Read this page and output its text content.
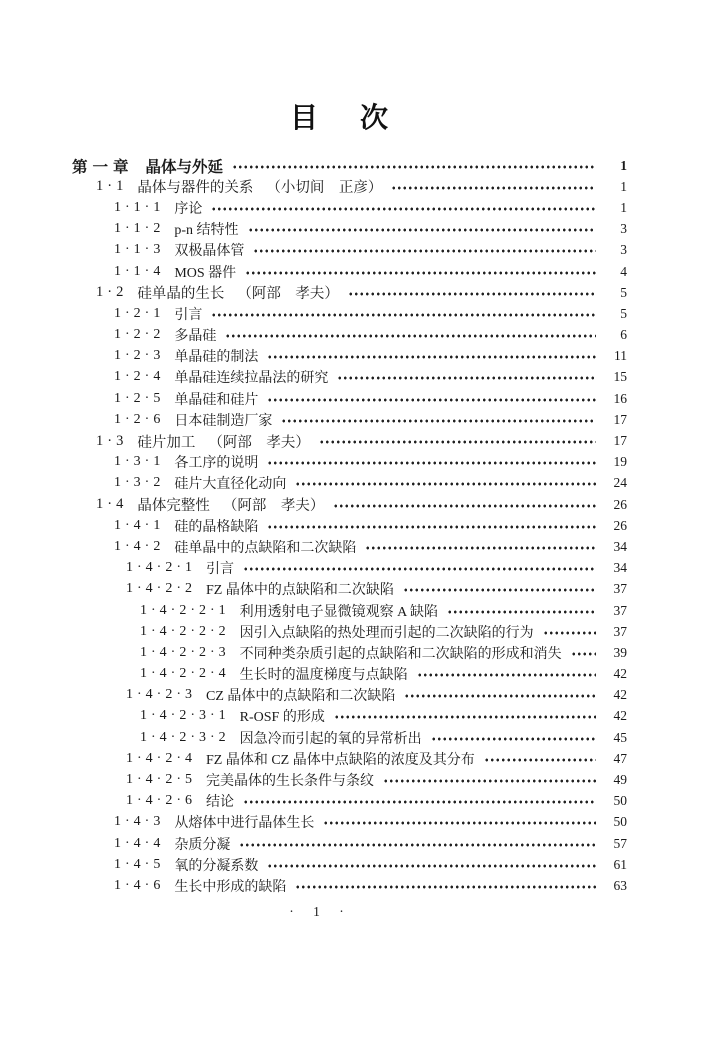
目　次
第一章 晶体与外延	1
1·1 晶体与器件的关系 （小切间　正彦）	1
1·1·1 序论	1
1·1·2 p-n 结特性	3
1·1·3 双极晶体管	3
1·1·4 MOS 器件	4
1·2 硅单晶的生长 （阿部　孝夫）	5
1·2·1 引言	5
1·2·2 多晶硅	6
1·2·3 单晶硅的制法	11
1·2·4 单晶硅连续拉晶法的研究	15
1·2·5 单晶硅和硅片	16
1·2·6 日本硅制造厂家	17
1·3 硅片加工 （阿部　孝夫）	17
1·3·1 各工序的说明	19
1·3·2 硅片大直径化动向	24
1·4 晶体完整性 （阿部　孝夫）	26
1·4·1 硅的晶格缺陷	26
1·4·2 硅单晶中的点缺陷和二次缺陷	34
1·4·2·1 引言	34
1·4·2·2 FZ 晶体中的点缺陷和二次缺陷	37
1·4·2·2·1 利用透射电子显微镜观察 A 缺陷	37
1·4·2·2·2 因引入点缺陷的热处理而引起的二次缺陷的行为	37
1·4·2·2·3 不同种类杂质引起的点缺陷和二次缺陷的形成和消失	39
1·4·2·2·4 生长时的温度梯度与点缺陷	42
1·4·2·3 CZ 晶体中的点缺陷和二次缺陷	42
1·4·2·3·1 R-OSF 的形成	42
1·4·2·3·2 因急冷而引起的氧的异常析出	45
1·4·2·4 FZ 晶体和 CZ 晶体中点缺陷的浓度及其分布	47
1·4·2·5 完美晶体的生长条件与条纹	49
1·4·2·6 结论	50
1·4·3 从熔体中进行晶体生长	50
1·4·4 杂质分凝	57
1·4·5 氧的分凝系数	61
1·4·6 生长中形成的缺陷	63
· 1 ·
